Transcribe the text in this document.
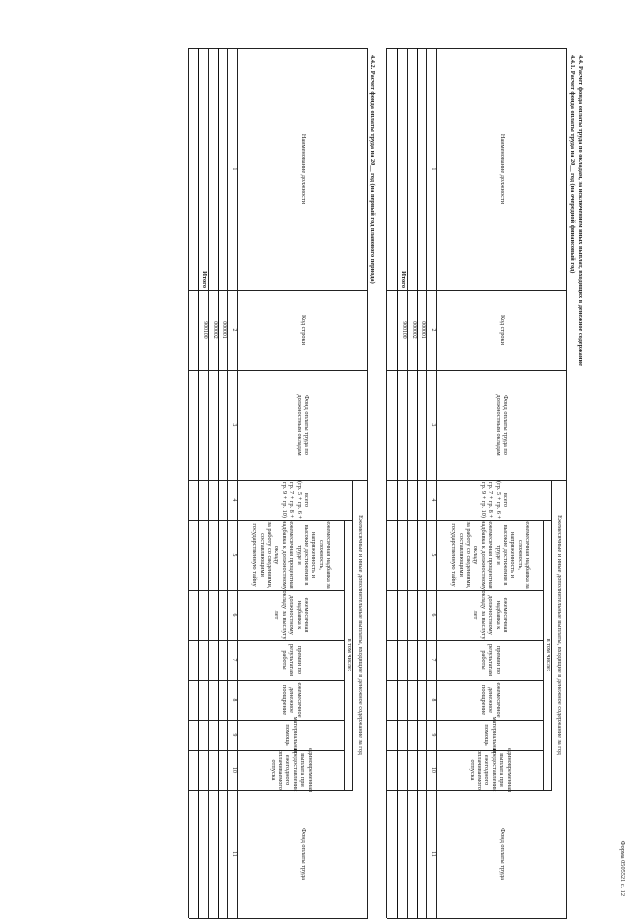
Форма 0505521 с. 12
4.4. Расчет фонда оплаты труда по окладам, за исключением иных выплат, входящих в денежное содержание
4.4.1. Расчет фонда оплаты труда на 20__ год (на очередной финансовый год)
Наименование должности
Код строки
Фонд оплаты труда по должностным окладам
Ежемесячные и иные дополнительные выплаты, входящие в денежное содержание за год
всего
(гр. 5 + гр. 6 + гр. 7 + гр. 8 +
гр. 9 + гр. 10)
в том числе:
ежемесячная надбавка за
сложность, напряженность и
высокие достижения в труде и
ежемесячная процентная
надбавка к должностному окладу
за работу со сведениями,
составляющими
государственную тайну
ежемесячная надбавка к
должностному окладу за выслугу
лет
премии по результатам работы
ежемесячное денежное
поощрение
материальная помощь
единовременная выплата при
предоставлении ежегодного
оплачиваемого отпуска
Фонд оплаты труда
1
2
3
4
5
6
7
8
9
10
11
000001
000002
900100
Итого
4.4.2. Расчет фонда оплаты труда на 20__ год (на первый год планового периода)
Наименование должности
Код строки
Фонд оплаты труда по должностным окладам
Ежемесячные и иные дополнительные выплаты, входящие в денежное содержание за год
всего
(гр. 5 + гр. 6 + гр. 7 + гр. 8 +
гр. 9 + гр. 10)
в том числе:
ежемесячная надбавка за
сложность, напряженность и
высокие достижения в труде и
ежемесячная процентная
надбавка к должностному окладу
за работу со сведениями,
составляющими
государственную тайну
ежемесячная надбавка к
должностному окладу за выслугу
лет
премии по результатам работы
ежемесячное денежное
поощрение
материальная помощь
единовременная выплата при
предоставлении ежегодного
оплачиваемого отпуска
Фонд оплаты труда
1
2
3
4
5
6
7
8
9
10
11
000001
000002
900100
Итого
